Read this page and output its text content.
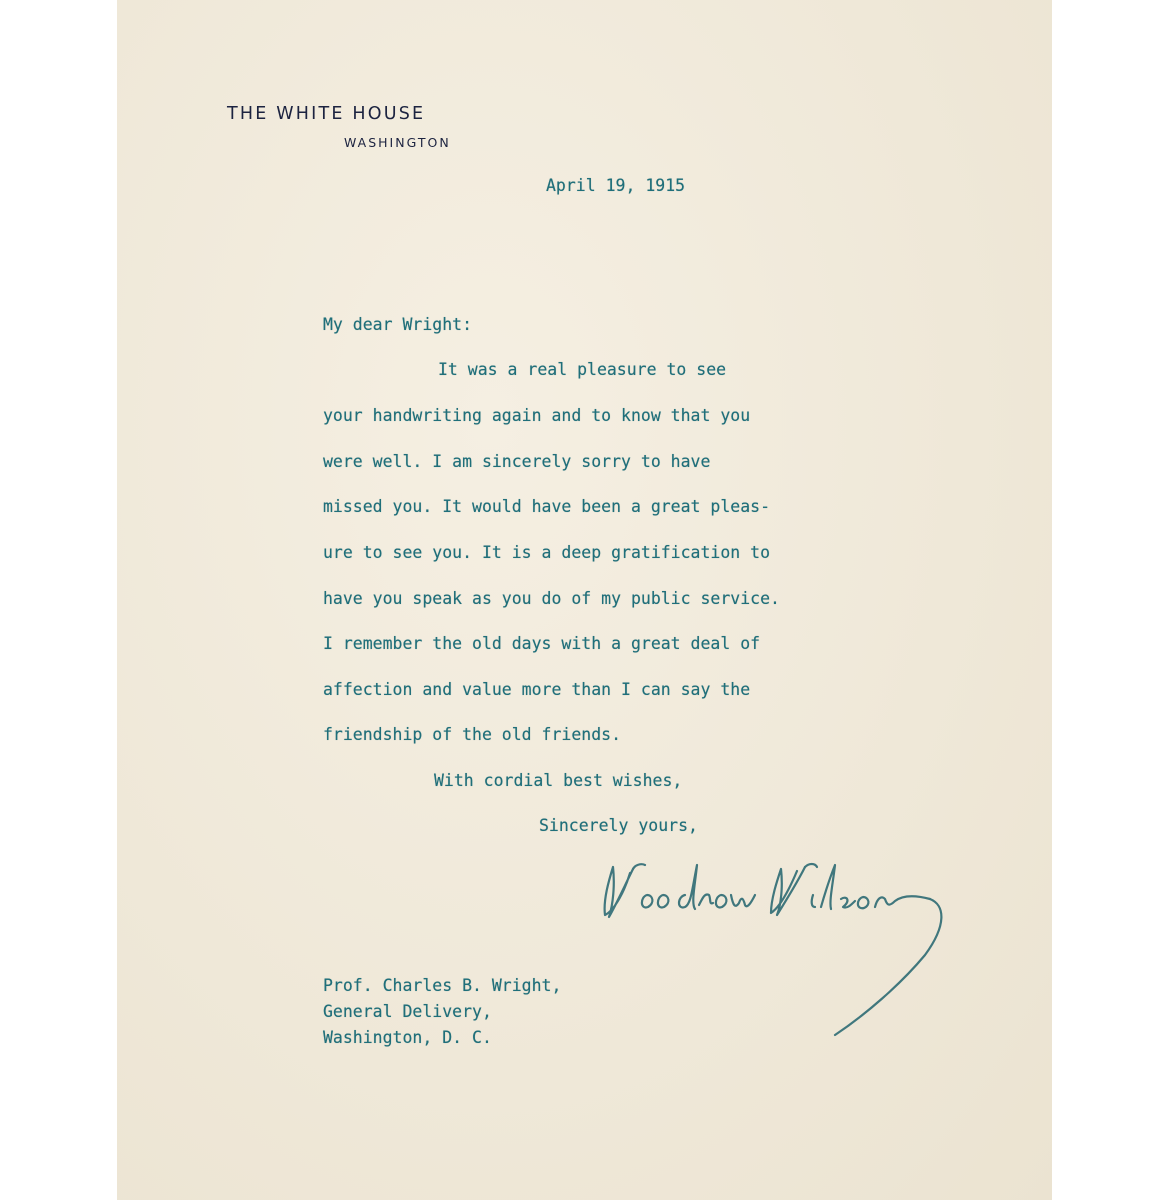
THE WHITE HOUSE
WASHINGTON
April 19, 1915
My dear Wright:
It was a real pleasure to see
your handwriting again and to know that you
were well. I am sincerely sorry to have
missed you. It would have been a great pleas-
ure to see you. It is a deep gratification to
have you speak as you do of my public service.
I remember the old days with a great deal of
affection and value more than I can say the
friendship of the old friends.
With cordial best wishes,
Sincerely yours,
Prof. Charles B. Wright,
General Delivery,
Washington, D. C.
